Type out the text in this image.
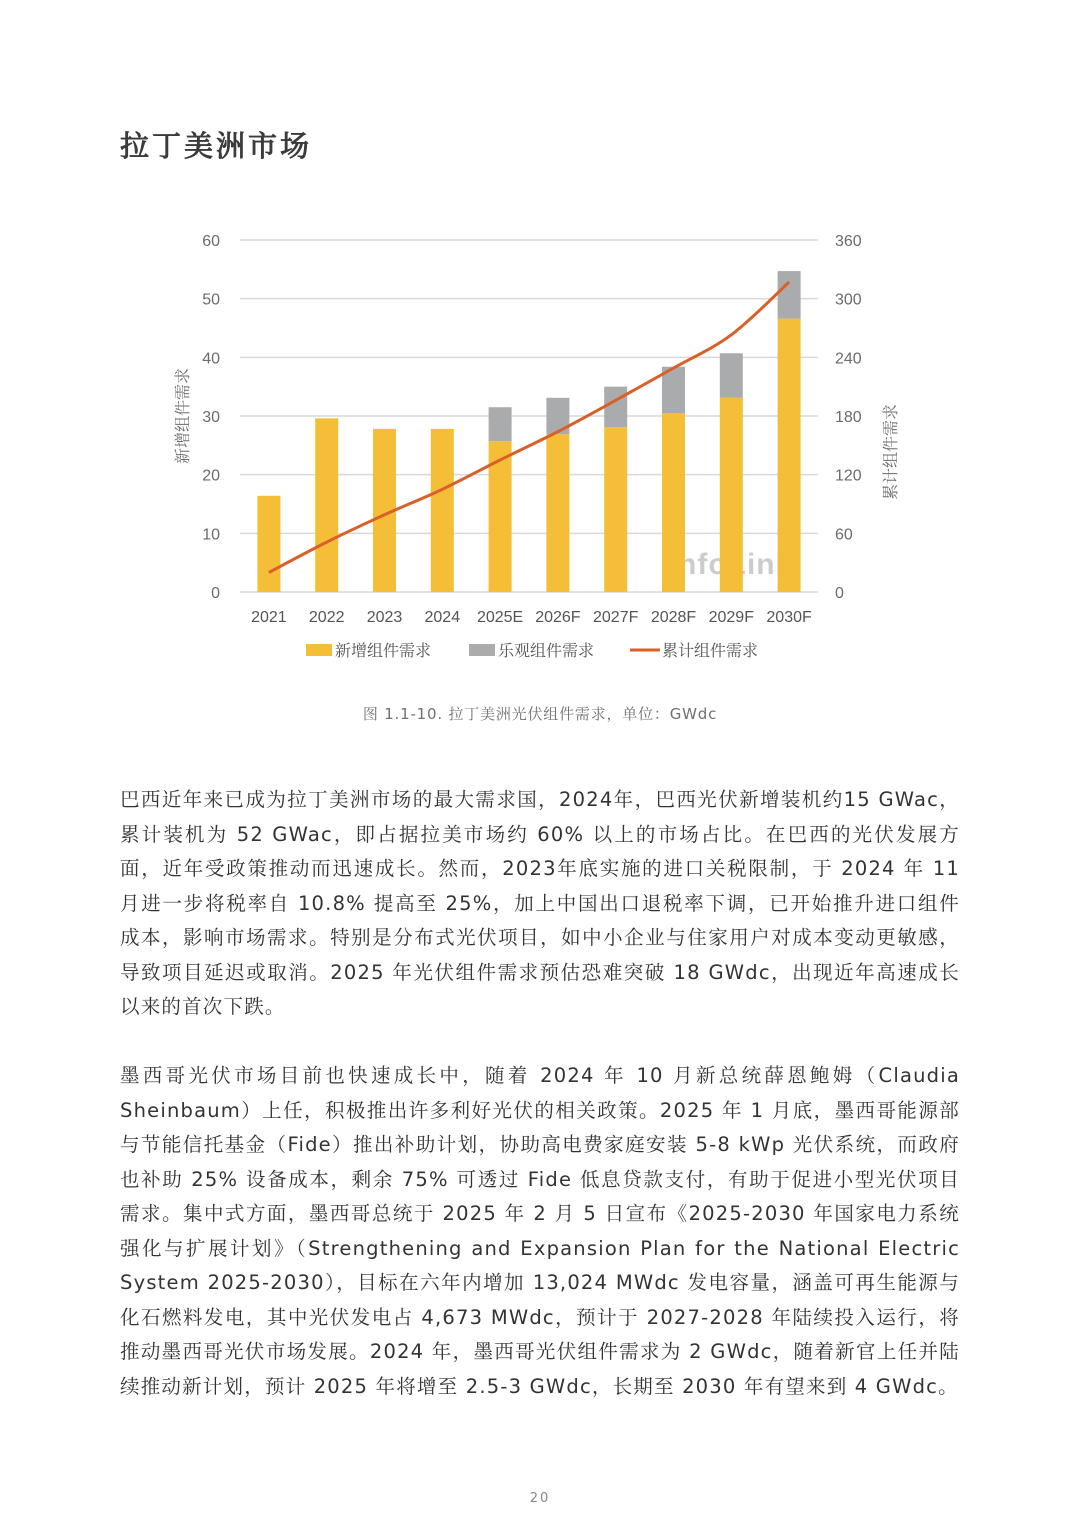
拉丁美洲市场
0
10
20
30
40
50
60
0
60
120
180
240
300
360
新增组件需求	累计组件需求
2021 2022 2023 2024 2025E 2026F 2027F 2028F 2029F 2030F
新增组件需求	乐观组件需求	累计组件需求
图 1.1-10. 拉丁美洲光伏组件需求，单位：GWdc

巴西近年来已成为拉丁美洲市场的最大需求国，2024年，巴西光伏新增装机约15 GWac，累计装机为 52 GWac，即占据拉美市场约 60% 以上的市场占比。在巴西的光伏发展方面，近年受政策推动而迅速成长。然而，2023年底实施的进口关税限制，于 2024 年 11 月进一步将税率自 10.8% 提高至 25%，加上中国出口退税率下调，已开始推升进口组件成本，影响市场需求。特别是分布式光伏项目，如中小企业与住家用户对成本变动更敏感，导致项目延迟或取消。2025 年光伏组件需求预估恐难突破 18 GWdc，出现近年高速成长以来的首次下跌。

墨西哥光伏市场目前也快速成长中，随着 2024 年 10 月新总统薛恩鲍姆（Claudia Sheinbaum）上任，积极推出许多利好光伏的相关政策。2025 年 1 月底，墨西哥能源部与节能信托基金（Fide）推出补助计划，协助高电费家庭安装 5-8 kWp 光伏系统，而政府也补助 25% 设备成本，剩余 75% 可透过 Fide 低息贷款支付，有助于促进小型光伏项目需求。集中式方面，墨西哥总统于 2025 年 2 月 5 日宣布《2025-2030 年国家电力系统强化与扩展计划》（Strengthening and Expansion Plan for the National Electric System 2025-2030），目标在六年内增加 13,024 MWdc 发电容量，涵盖可再生能源与化石燃料发电，其中光伏发电占 4,673 MWdc，预计于 2027-2028 年陆续投入运行，将推动墨西哥光伏市场发展。2024 年，墨西哥光伏组件需求为 2 GWdc，随着新官上任并陆续推动新计划，预计 2025 年将增至 2.5-3 GWdc，长期至 2030 年有望来到 4 GWdc。

20
